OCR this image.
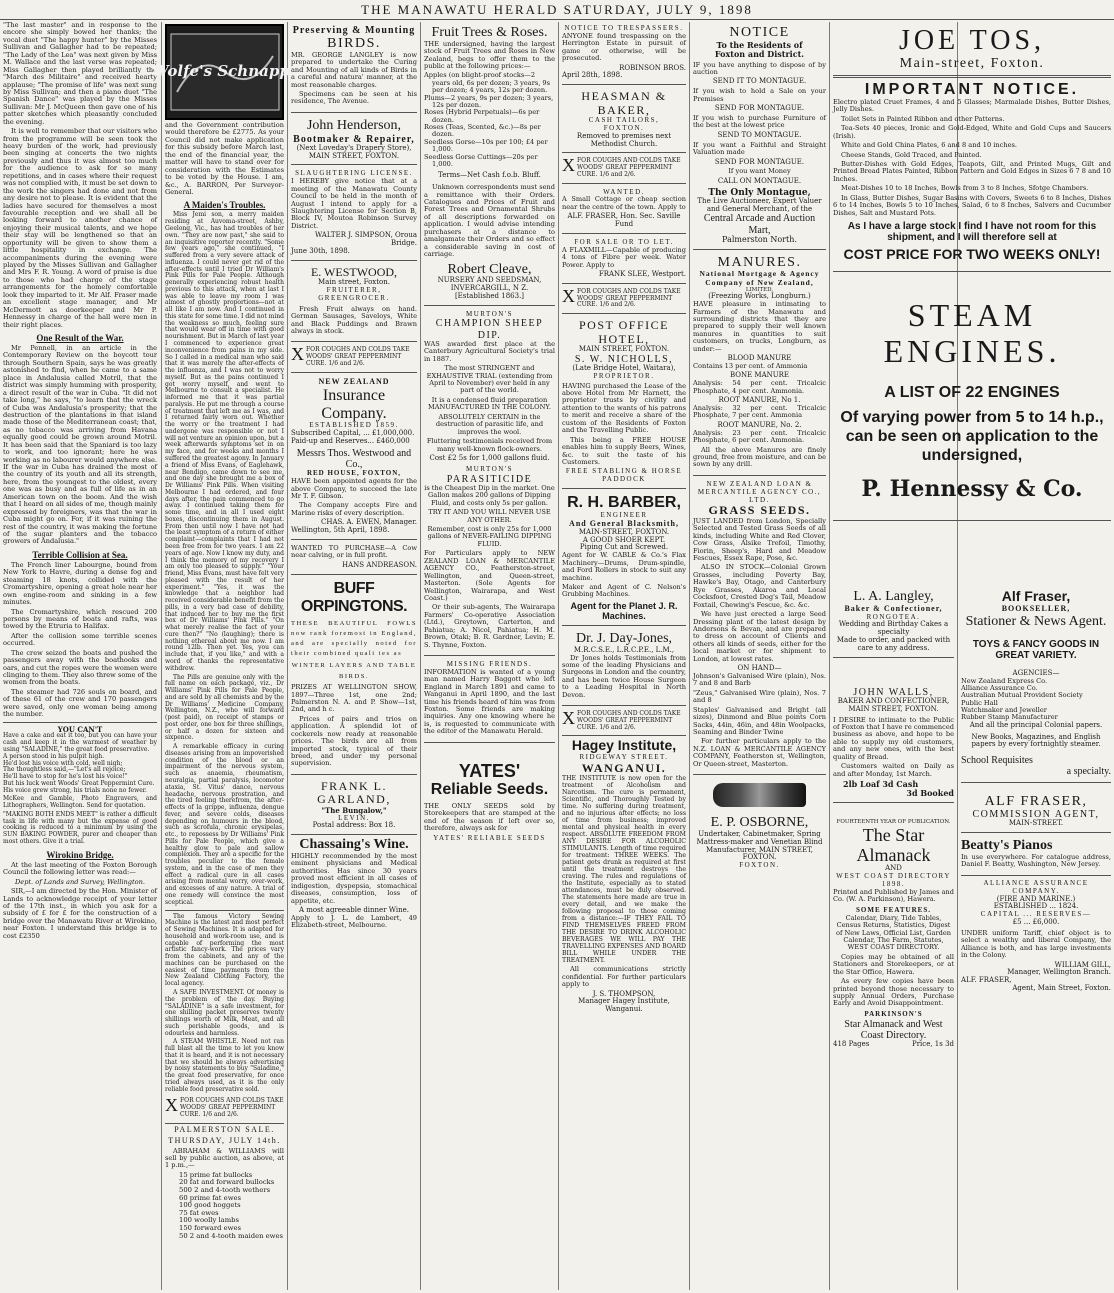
THE MANAWATU HERALD SATURDAY, JULY 9, 1898
"The last master" and in response to the encore she simply bowed her thanks; the vocal duet "The happy hunter" by the Misses Sullivan and Gallagher had to be repeated; "The Lady of the Lea" was next given by Miss M. Wallace and the last verse was repeated; Miss Gallagher then played brilliantly the "March des Militaire" and received hearty applause; "The promise of life" was next sung by Miss Sullivan; and then a piano duet "The Spanish Dance" was played by the Misses Sullivan: Mr J. McQueen then gave one of his patter sketches which pleasantly concluded the evening.
It is well to remember that our visitors who from the programme will be seen took the heavy burden of the work, had previously been singing at concerts the two nights previously and thus it was almost too much for the audience to ask for so many repetitions, and in cases where their request was not complied with, it must be set down to the work the singers had done and not from any desire not to please. It is evident that the ladies have secured for themselves a most favourable reception and we shall all be looking forward to another chance of enjoying their musical talents, and we hope their stay will be lengthened so that an opportunity will be given to show them a little hospitality in exchange. The accompaniments during the evening were played by the Misses Sullivan and Gallagher and Mrs F. R. Young. A word of praise is due to those who had charge of the stage arrangements for the homely comfortable look they imparted to it. Mr Alf. Fraser made an excellent stage manager, and Mr McDermott as doorkeeper and Mr P. Hennessy in charge of the hall were men in their right places.
One Result of the War.
Mr Pennell, in an article in the Contemporary Review on the boycott tour through Southern Spain, says he was greatly astonished to find, when he came to a same place in Andalusia called Motril, that the district was simply humming with prosperity, a direct result of the war in Cuba. "It did not take long," he says, "to learn that the wreck of Cuba was Andalusia's prosperity; that the destruction of the plantations in that island made those of the Mediterranean coast; that, as no tobacco was arriving from Havana equally good could be grown around Motril. It has been said that the Spaniard is too lazy to work, and too ignorant; here he was working as no labourer would anywhere else. If the war in Cuba has drained the most of the country of its youth and all its strength, here, from the youngest to the oldest, every one was as busy and as full of life as in an American town on the boom. And the wish that I heard on all sides of me, though mainly expressed by foreigners, was that the war in Cuba might go on. For, if it was ruining the rest of the country, it was making the fortune of the sugar planters and the tobacco growers of Andalusia."
Terrible Collision at Sea.
The French liner Labourgne, bound from New York to Havre, during a dense fog and steaming 18 knots, collided with the Cromartyshire, opening a great hole near her own engine-room and sinking in a few minutes.
The Cromartyshire, which rescued 200 persons by means of boats and rafts, was towed by the Etruria to Halifax.
After the collision some terrible scenes occurred.
The crew seized the boats and pushed the passengers away with the boathooks and oars, and cut the ropes were the women were clinging to them. They also threw some of the women from the boats.
The steamer had 726 souls on board, and of these 61 of the crew and 170 passengers were saved, only one woman being among the number.
YOU CAN'T
Have a cake and eat it too, but you can have your cash and keep it in the warmest of weather by using "SALADINE," the great food preservative.
A person stood in his pulpit high.
He'd lost his voice with cold, well nigh;
The thoughtless said,—"Let's all rejoice;
He'll have to stop for he's lost his voice!"
But his luck went Woods' Great Peppermint Cure.
His voice grew strong, his trials none no fewer.
McKee and Gamble, Photo Engravers, and Lithographers, Wellington. Send for quotation.
"MAKING BOTH ENDS MEET" is rather a difficult task in life with many but the expense of good cooking is reduced to a minimum by using the SUN BAKING POWDER, purer and cheaper than most others. Give it a trial.
Wirokino Bridge.
At the last meeting of the Foxton Borough Council the following letter was read:—
Dept. of Lands and Survey, Wellington.
SIR,—I am directed by the Hon. Minister of Lands to acknowledge receipt of your letter of the 17th inst., in which you ask for a subsidy of £ for £ for the construction of a bridge over the Manawatu River at Wirokino, near Foxton. I understand this bridge is to cost £2350
Wolfe's Schnapps
and the Government contribution would therefore be £2775. As your Council did not make application for this subsidy before March last, the end of the financial year, the matter will have to stand over for consideration with the Estimates to be voted by the House. I am, &c., A. BARRON, Per Surveyor-General.
A Maiden's Troubles.
Miss Jemi son, a merry maiden residing at Auvoma-street, Ashby, Geelong, Vic., has had troubles of her own. "They are now past," she said to an inquisitive reporter recently. "Some few years ago," she continued, "I suffered from a very severe attack of influenza. I could never get rid of the after-effects until I tried Dr William's Pink Pills for Pale People. Although generally experiencing robust health previous to this attack, when at last I was able to leave my room I was almost of ghostly proportions—not at all like I am now. And I continued in this state for some time. I did not mind the weakness so much, feeling sure that would wear off in time with good nourishment. But in March of last year I commenced to experience great inconvenience from pains in my side. So I called in a medical man who said that it was merely the after-effects of the influenza, and I was not to worry myself. But as the pains continued I got worry myself, and went to Melbourne to consult a specialist. He informed me that it was partial paralysis. He put me through a course of treatment that left me as I was, and I returned fairly worn out. Whether the worry or the treatment I had undergone was responsible or not I will not venture an opinion upon, but a week afterwards symptoms set in on my face, and for weeks and months I suffered the greatest agony. In January a friend of Miss Evans, of Eaglehawk, near Bendigo, came down to see me, and one day she brought me a box of Dr Williams' Pink Pills. When visiting Melbourne I had ordered, and four days after, the pain commenced to go away. I continued taking them for some time, and in all I used eight boxes, discontinuing them in August. From then until now I have not had the least symptom of a return of either complaint—complaints that I had not been free from for two years. I am 22 years of age. Now I know my duty, and I think the memory of my recovery I am only too pleased to supply." "Your friend, Miss Evans, must have felt very pleased with the result of her experiment." "Yes, it was the knowledge that a neighbor had received considerable benefit from the pills, in a very bad case of debility, that induced her to buy me the first box of Dr Williams' Pink Pills." "On what merely realise the fact of your cure then?" "No (laughing); there is nothing ethereal about me now. I am round 12lb. Then yet. Yes, you can include that, if you like," and with a word of thanks the representative withdrew.
The Pills are genuine only with the full name on each package, viz., Dr Williams' Pink Pills for Pale People, and are sold by all chemists and by the Dr Williams' Medicine Company, Wellington, N.Z., who will forward (post paid), on receipt of stamps or post order, one box for three shillings, or half a dozen for sixteen and sixpence.
A remarkable efficacy in curing diseases arising from an impoverished condition of the blood or an impairment of the nervous system, such as anaemia, rheumatism, neuralgia, partial paralysis, locomotor ataxia, St. Vitus' dance, nervous headache, nervous prostration, and the tired feeling therefrom, the after-effects of la grippe, influenza, dengue fever, and severe colds, diseases depending on humours in the blood, such as scrofula, chronic erysipelas, etc., to repossess by Dr Williams' Pink Pills for Pale People, which give a healthy glow to pale and sallow complexion. They are a specific for the troubles peculiar to the female system, and in the case of men they effect a radical cure in all cases arising from mental worry, over-work, and excesses of any nature. A trial of one remedy will convince the most sceptical.
The famous Victory Sewing Machine is the latest and most perfect of Sewing Machines. It is adapted for household and work-room use, and is capable of performing the most artistic fancy-work. The prices vary from the cabinets, and any of the machines can be purchased on the easiest of time payments from the New Zealand Clothing Factory, the local agency.
A SAFE INVESTMENT. Of money is the problem of the day. Buying "SALADINE" is a safe investment, for one shilling packet preserves twenty shillings worth of Milk, Meat, and all such perishable goods, and is odourless and harmless.
A STEAM WHISTLE. Need not ran full blast all the time to let you know that it is heard, and it is not necessary that we should be always advertising by noisy statements to buy "Saladine," the great food preservative, for once tried always used, as it is the only reliable food preservative sold.
XFOR COUGHS AND COLDS TAKE WOODS' GREAT PEPPERMINT CURE. 1/6 and 2/6.
PALMERSTON SALE.
THURSDAY, JULY 14th.
ABRAHAM & WILLIAMS will sell by public auction, as above, at 1 p.m.,—
15 prime fat bullocks
20 fat and forward bullocks
500 2 and 4-tooth wethers
60 prime fat ewes
100 good hoggets
75 fat ewes
100 woolly lambs
150 forward ewes
50 2 and 4-tooth maiden ewes
Preserving & Mounting
BIRDS.
MR. GEORGE LANGLEY is now prepared to undertake the Curing and Mounting of all kinds of Birds in a careful and natura' manner, at the most reasonable charges.
Specimens can be seen at his residence, The Avenue.
John Henderson,
Bootmaker & Repairer,
(Next Loveday's Drapery Store),
MAIN STREET, FOXTON.
SLAUGHTERING LICENSE.
I HEREBY give notice that at a meeting of the Manawatu County Council to be held in the month of August I intend to apply for a Slaughtering License for Section B, Block IV, Moutoa Robinson Survey District.
WALTER J. SIMPSON, Oroua Bridge.
June 30th, 1898.
E. WESTWOOD,
Main street, Foxton.
FRUITERER, GREENGROCER.
Fresh Fruit always on hand. German Sausages, Saveloys, White and Black Puddings and Brawn always in stock.
XFOR COUGHS AND COLDS TAKE WOODS' GREAT PEPPERMINT CURE. 1/6 and 2/6.
NEW ZEALAND
Insurance Company.
ESTABLISHED 1859.
Subscribed Capital, ... £1,000,000.
Paid-up and Reserves... £460,000
Messrs Thos. Westwood and Co.,
RED HOUSE, FOXTON,
HAVE been appointed agents for the above Company, to succeed the late Mr T. F. Gibson.
The Company accepts Fire and Marine risks of every description.
CHAS. A. EWEN, Manager.
Wellington, 5th April, 1898.
WANTED TO PURCHASE—A Cow near calving, or in full profit.
HANS ANDREASON.
BUFF ORPINGTONS.
THESE BEAUTIFUL FOWLS now rank foremost in England, and are specially noted for their combined quali ies as
WINTER LAYERS AND TABLE BIRDS.
PRIZES AT WELLINGTON SHOW, 1897—Three 1st, one 2nd; Palmerston N. A. and P. Show—1st, 2nd, and h c.
Prices of pairs and trios on application. A splendid lot of cockerels now ready at reasonable prices. The birds are all from imported stock, typical of their breed, and under my personal supervision.
FRANK L. GARLAND,
"The Bungalow,"
LEVIN.
Postal address: Box 18.
Chassaing's Wine.
HIGHLY recommended by the most eminent physicians and Medical authorities. Has since 30 years proved most efficient in all cases of indigestion, dyspepsia, stomachical diseases, consumption, loss of appetite, etc.
A most agreeable dinner Wine.
Apply to J. L. de Lambert, 49 Elizabeth-street, Melbourne.
Fruit Trees & Roses.
THE undersigned, having the largest stock of Fruit Trees and Roses in New Zealand, begs to offer them to the public at the following prices:—
Apples (on blight-proof stocks—2 years old, 6s per dozen; 3 years, 9s per dozen; 4 years, 12s per dozen.
Plums—2 years, 9s per dozen; 3 years, 12s per dozen.
Roses (Hybrid Perpetuals)—6s per dozen.
Roses (Teas, Scented, &c.)—8s per dozen.
Seedless Gorse—10s per 100; £4 per 1,000.
Seedless Gorse Cuttings—20s per 1,000.
Terms—Net Cash f.o.b. Bluff.
Unknown correspondents must send a remittance with their Orders. Catalogues and Prices of Fruit and Forest Trees and Ornamental Shrubs of all descriptions forwarded on application. I would advise intending purchasers at a distance to amalgamate their Orders and so effect a considerable saving in cost of carriage.
Robert Cleave,
NURSERY AND SEEDSMAN,
INVERCARGILL, N Z.
[Established 1863.]
MURTON'S
CHAMPION SHEEP DIP.
WAS awarded first place at the Canterbury Agricultural Society's trial in 1887.
The most STRINGENT and EXHAUSTIVE TRIAL (extending from April to November) ever held in any part of the world.
It is a condensed fluid preparation MANUFACTURED IN THE COLONY.
ABSOLUTELY CERTAIN in the destruction of parasitic life, and improves the wool.
Fluttering testimonials received from many well-known flock-owners.
Cost £2 5s for 1,000 gallons fluid.
MURTON'S
PARASITICIDE
is the Cheapest Dip in the market. One Gallon makes 200 gallons of Dipping Fluid, and costs only 5s per gallon.
TRY IT AND YOU WILL NEVER USE ANY OTHER.
Remember, cost is only 25s for 1,000 gallons of NEVER-FAILING DIPPING FLUID.
For Particulars apply to NEW ZEALAND LOAN & MERCANTILE AGENCY CO., Featherston-street, Wellington, and Queen-street, Masterton. (Sole Agents for Wellington, Wairarapa, and West Coast.)
Or their sub-agents, The Wairarapa Farmers' Co-operative Association (Ltd.), Greytown, Carterton, and Pahiatua; A. Nicol, Pahiatua; H. M. Brown, Otaki; B. R. Gardner, Levin; E. S. Thynne, Foxton.
MISSING FRIENDS.
INFORMATION is wanted of a young man named Harry Baggott who left England in March 1891 and came to Wanganui in April 1890, and the last time his friends heard of him was from Foxton. Some friends are making inquiries. Any one knowing where he is, is requested to communicate with the editor of the Manawatu Herald.
YATES'
Reliable Seeds.
THE ONLY SEEDS sold by Storekeepers that are stamped at the end of the season if left over so, therefore, always ask for
YATES' RELIABLE SEEDS
NOTICE TO TRESPASSERS.
ANYONE found trespassing on the Herrington Estate in pursuit of game or otherwise, will be prosecuted.
ROBINSON BROS.
April 28th, 1898.
HEASMAN & BAKER,
CASH TAILORS,
FOXTON.
Removed to premises next Methodist Church.
XFOR COUGHS AND COLDS TAKE WOODS' GREAT PEPPERMINT CURE. 1/6 and 2/6.
WANTED.
A Small Cottage or cheap section near the centre of the town. Apply to
ALF. FRASER, Hon. Sec. Saville Fund
FOR SALE OR TO LET.
A FLAXMILL—Capable of producing 4 tons of Fibre per week. Water Power. Apply to
FRANK SLEE, Westport.
XFOR COUGHS AND COLDS TAKE WOODS' GREAT PEPPERMINT CURE. 1/6 and 2/6.
POST OFFICE HOTEL,
MAIN STREET, FOXTON.
S. W. NICHOLLS,
(Late Bridge Hotel, Waitara),
PROPRIETOR.
HAVING purchased the Lease of the above Hotel from Mr Harnett, the proprietor trusts by civility and attention to the wants of his patrons to merit and receive a share of the custom of the Residents of Foxton and the Travelling Public.
This being a FREE HOUSE enables him to supply Beers, Wines, &c. to suit the taste of his Customers.
FREE STABLING & HORSE PADDOCK
R. H. BARBER,
ENGINEER
And General Blacksmith,
MAIN-STREET, FOXTON.
A GOOD SHOER KEPT.
Piping Cut and Screwed.
Agent for W. CABLE & Co.'s Flax Machinery—Drums, Drum-spindle, and Ford Rollers in stock to suit any machine.
Maker and Agent of C. Nelson's Grubbing Machines.
Agent for the Planet J. R. Machines.
Dr. J. Day-Jones,
M.R.C.S.E., L.R.C.P.E., L.M.,
Dr Jones holds Testimonials from some of the leading Physicians and Surgeons in London and the country, and has been twice House Surgeon to a Leading Hospital in North Devon.
XFOR COUGHS AND COLDS TAKE WOODS' GREAT PEPPERMINT CURE. 1/6 and 2/6.
Hagey Institute,
RIDGEWAY STREET.
WANGANUI.
THE INSTITUTE is now open for the treatment of Alcoholism and Narcotism. The cure is permanent, Scientific, and Thoroughly Tested by time. No suffering during treatment, and no injurious after effects; no loss of time from business; improved mental and physical health in every respect. ABSOLUTE FREEDOM FROM ANY DESIRE FOR ALCOHOLIC STIMULANTS. Length of time required for treatment: THREE WEEKS. The patient gets drunk as required at first until the treatment destroys the craving. The rules and regulations of the Institute, especially as to stated attendances, must be duly observed. The statements here made are true in every detail, and we make the following proposal to those coming from a distance:—IF THEY FAIL TO FIND THEMSELVES FREED FROM THE DESIRE TO DRINK ALCOHOLIC BEVERAGES WE WILL PAY THE TRAVELLING EXPENSES AND BOARD BILL WHILE UNDER THE TREATMENT.
All communications strictly confidential. For further particulars apply to
J. S. THOMPSON,
Manager Hagey Institute, Wanganui.
NOTICE
To the Residents of
Foxton and District.
IF you have anything to dispose of by auction
SEND IT TO MONTAGUE.
If you wish to hold a Sale on your Premises
SEND FOR MONTAGUE.
If you wish to purchase Furniture of the best at the lowest price
SEND TO MONTAGUE.
If you want a Faithful and Straight Valuation made
SEND FOR MONTAGUE.
If you want Money
CALL ON MONTAGUE.
The Only Montague,
The Live Auctioneer, Expert Valuer and General Merchant, of the
Central Arcade and Auction Mart,
Palmerston North.
MANURES.
National Mortgage & Agency Company of New Zealand,
LIMITED,
(Freezing Works, Longburn.)
HAVE pleasure in intimating to Farmers of the Manawatu and surrounding districts that they are prepared to supply their well known manures in quantities to suit customers, on trucks, Longburn, as under:—
BLOOD MANURE
Contains 13 per cent. of Ammonia
BONE MANURE
Analysis: 54 per cent. Tricalcic Phosphate, 4 per cent. Ammonia.
ROOT MANURE, No 1.
Analysis: 32 per cent. Tricalcic Phosphate, 7 per cent. Ammonia
ROOT MANURE, No. 2.
Analysis: 23 per cent. Tricalcic Phosphate, 6 per cent. Ammonia.
All the above Manures are finely ground, free from moisture, and can be sown by any drill.
NEW ZEALAND LOAN & MERCANTILE AGENCY CO., LTD.
GRASS SEEDS.
JUST LANDED from London, Specially Selected and Tested Grass Seeds of all kinds, including White and Red Clover, Cow Grass, Alsike Trefoil, Timothy, Fiorin, Sheep's, Hard and Meadow Fescues, Essex Rape, Pose, &c.
ALSO IN STOCK—Colonial Grown Grasses, including Poverty Bay, Hawke's Bay, Otago, and Canterbury Rye Grasses, Akaroa and Local Cocksfoot, Crested Dog's Tail, Meadow Foxtail, Chewing's Fescue, &c. &c.
We have just erected a large Seed Dressing plant of the latest design by Andersons & Bevan, and are prepared to dress on account of Clients and others all kinds of seeds, either for the local market or for shipment to London, at lowest rates.
ON HAND—
Johnson's Galvanised Wire (plain), Nos. 7 and 8 and Barb
"Zeus," Galvanised Wire (plain), Nos. 7 and 8
Staples' Galvanised and Bright (all sizes), Dinmond and Blue points Corn Sacks, 44in, 46in, and 48in Woolpacks, Seaming and Binder Twine
For further particulars apply to the N.Z. LOAN & MERCANTILE AGENCY COMPANY, Featherston st, Wellington, Or Queen-street, Masterton.
E. P. OSBORNE,
Undertaker, Cabinetmaker, Spring Mattress-maker and Venetian Blind Manufacturer, MAIN STREET, FOXTON.
FOXTON.
JOE TOS,
Main-street, Foxton.
IMPORTANT NOTICE.
Electro plated Cruet Frames, 4 and 5 Glasses; Marmalade Dishes, Butter Dishes, Jelly Dishes.
Toilet Sets in Painted Ribbon and other Patterns.
Tea-Sets 40 pieces, Ironic and Gold-Edged, White and Gold Cups and Saucers (Irish).
White and Gold China Plates, 6 and 8 and 10 inches.
Cheese Stands, Gold Traced, and Painted.
Butter-Dishes with Gold Edges, Teapots, Gilt, and Printed Mugs, Gilt and Printed Bread Plates Painted, Ribbon Pattern and Gold Edges in Sizes 6 7 8 and 10 Inches.
Meat-Dishes 10 to 18 Inches, Bowls from 3 to 8 Inches, Sfotge Chambers.
In Glass, Butter Dishes, Sugar Basins with Covers, Sweets 6 to 8 Inches, Dishes 6 to 14 Inches, Bowls 5 to 10 Inches, Salad, 6 to 8 Inches, Salvers and Cucumber Dishes, Salt and Mustard Pots.
As I have a large stock I find I have not room for this shipment, and I will therefore sell at
COST PRICE FOR TWO WEEKS ONLY!
STEAM
ENGINES.
A LIST OF 22 ENGINES
Of varying power from 5 to 14 h.p., can be seen on application to the undersigned,
P. Hennessy & Co.
L. A. Langley,
Baker & Confectioner,
RONGOTEA.
Wedding and Birthday Cakes a specialty
Made to order, and packed with care to any address.
JOHN WALLS,
BAKER AND CONFECTIONER,
MAIN STREET, FOXTON.
I DESIRE to intimate to the Public of Foxton that I have re commenced business as above, and hope to be able to supply my old customers, and any new ones, with the best quality of Bread.
Customers waited on Daily as and after Monday, 1st March.
2lb Loaf 3d Cash
3d Booked
FOURTEENTH YEAR OF PUBLICATION.
The Star Almanack
AND
WEST COAST DIRECTORY 1898.
Printed and Published by James and Co. (W. A. Parkinson), Hawera.
SOME FEATURES.
Calendar, Diary, Tide Tables, Census Returns, Statistics, Digest of New Laws, Official List, Garden Calendar, The Farm, Statutes, WEST COAST DIRECTORY.
Copies may be obtained of all Stationers and Storekeepers, or at the Star Office, Hawera.
As every few copies have been printed beyond those necessary to supply Annual Orders, Purchase Early and Avoid Disappointment.
PARKINSON'S
Star Almanack and West Coast Directory.
418 Pages	Price, 1s 3d
Alf Fraser,
BOOKSELLER,
Stationer & News Agent.
TOYS & FANCY GOODS IN GREAT VARIETY.
AGENCIES—
New Zealand Express Co.
Alliance Assurance Co.
Australian Mutual Provident Society
Public Hall
Watchmaker and Jeweller
Rubber Stamp Manufacturer
And all the principal Colonial papers.
New Books, Magazines, and English papers by every fortnightly steamer.
School Requisites
a specialty.
ALF FRASER,
COMMISSION AGENT,
MAIN-STREET.
Beatty's Pianos
In use everywhere. For catalogue address, Daniel F. Beatty, Washington, New Jersey.
ALLIANCE ASSURANCE COMPANY.
(FIRE AND MARINE.)
ESTABLISHED ... 1824.
CAPITAL ... RESERVES—
£5 ... £6,000.
UNDER uniform Tariff, chief object is to select a wealthy and liberal Company, the Alliance is both, and has large investments in the Colony.
WILLIAM GILL,
Manager, Wellington Branch.
ALF. FRASER,
Agent, Main Street, Foxton.
